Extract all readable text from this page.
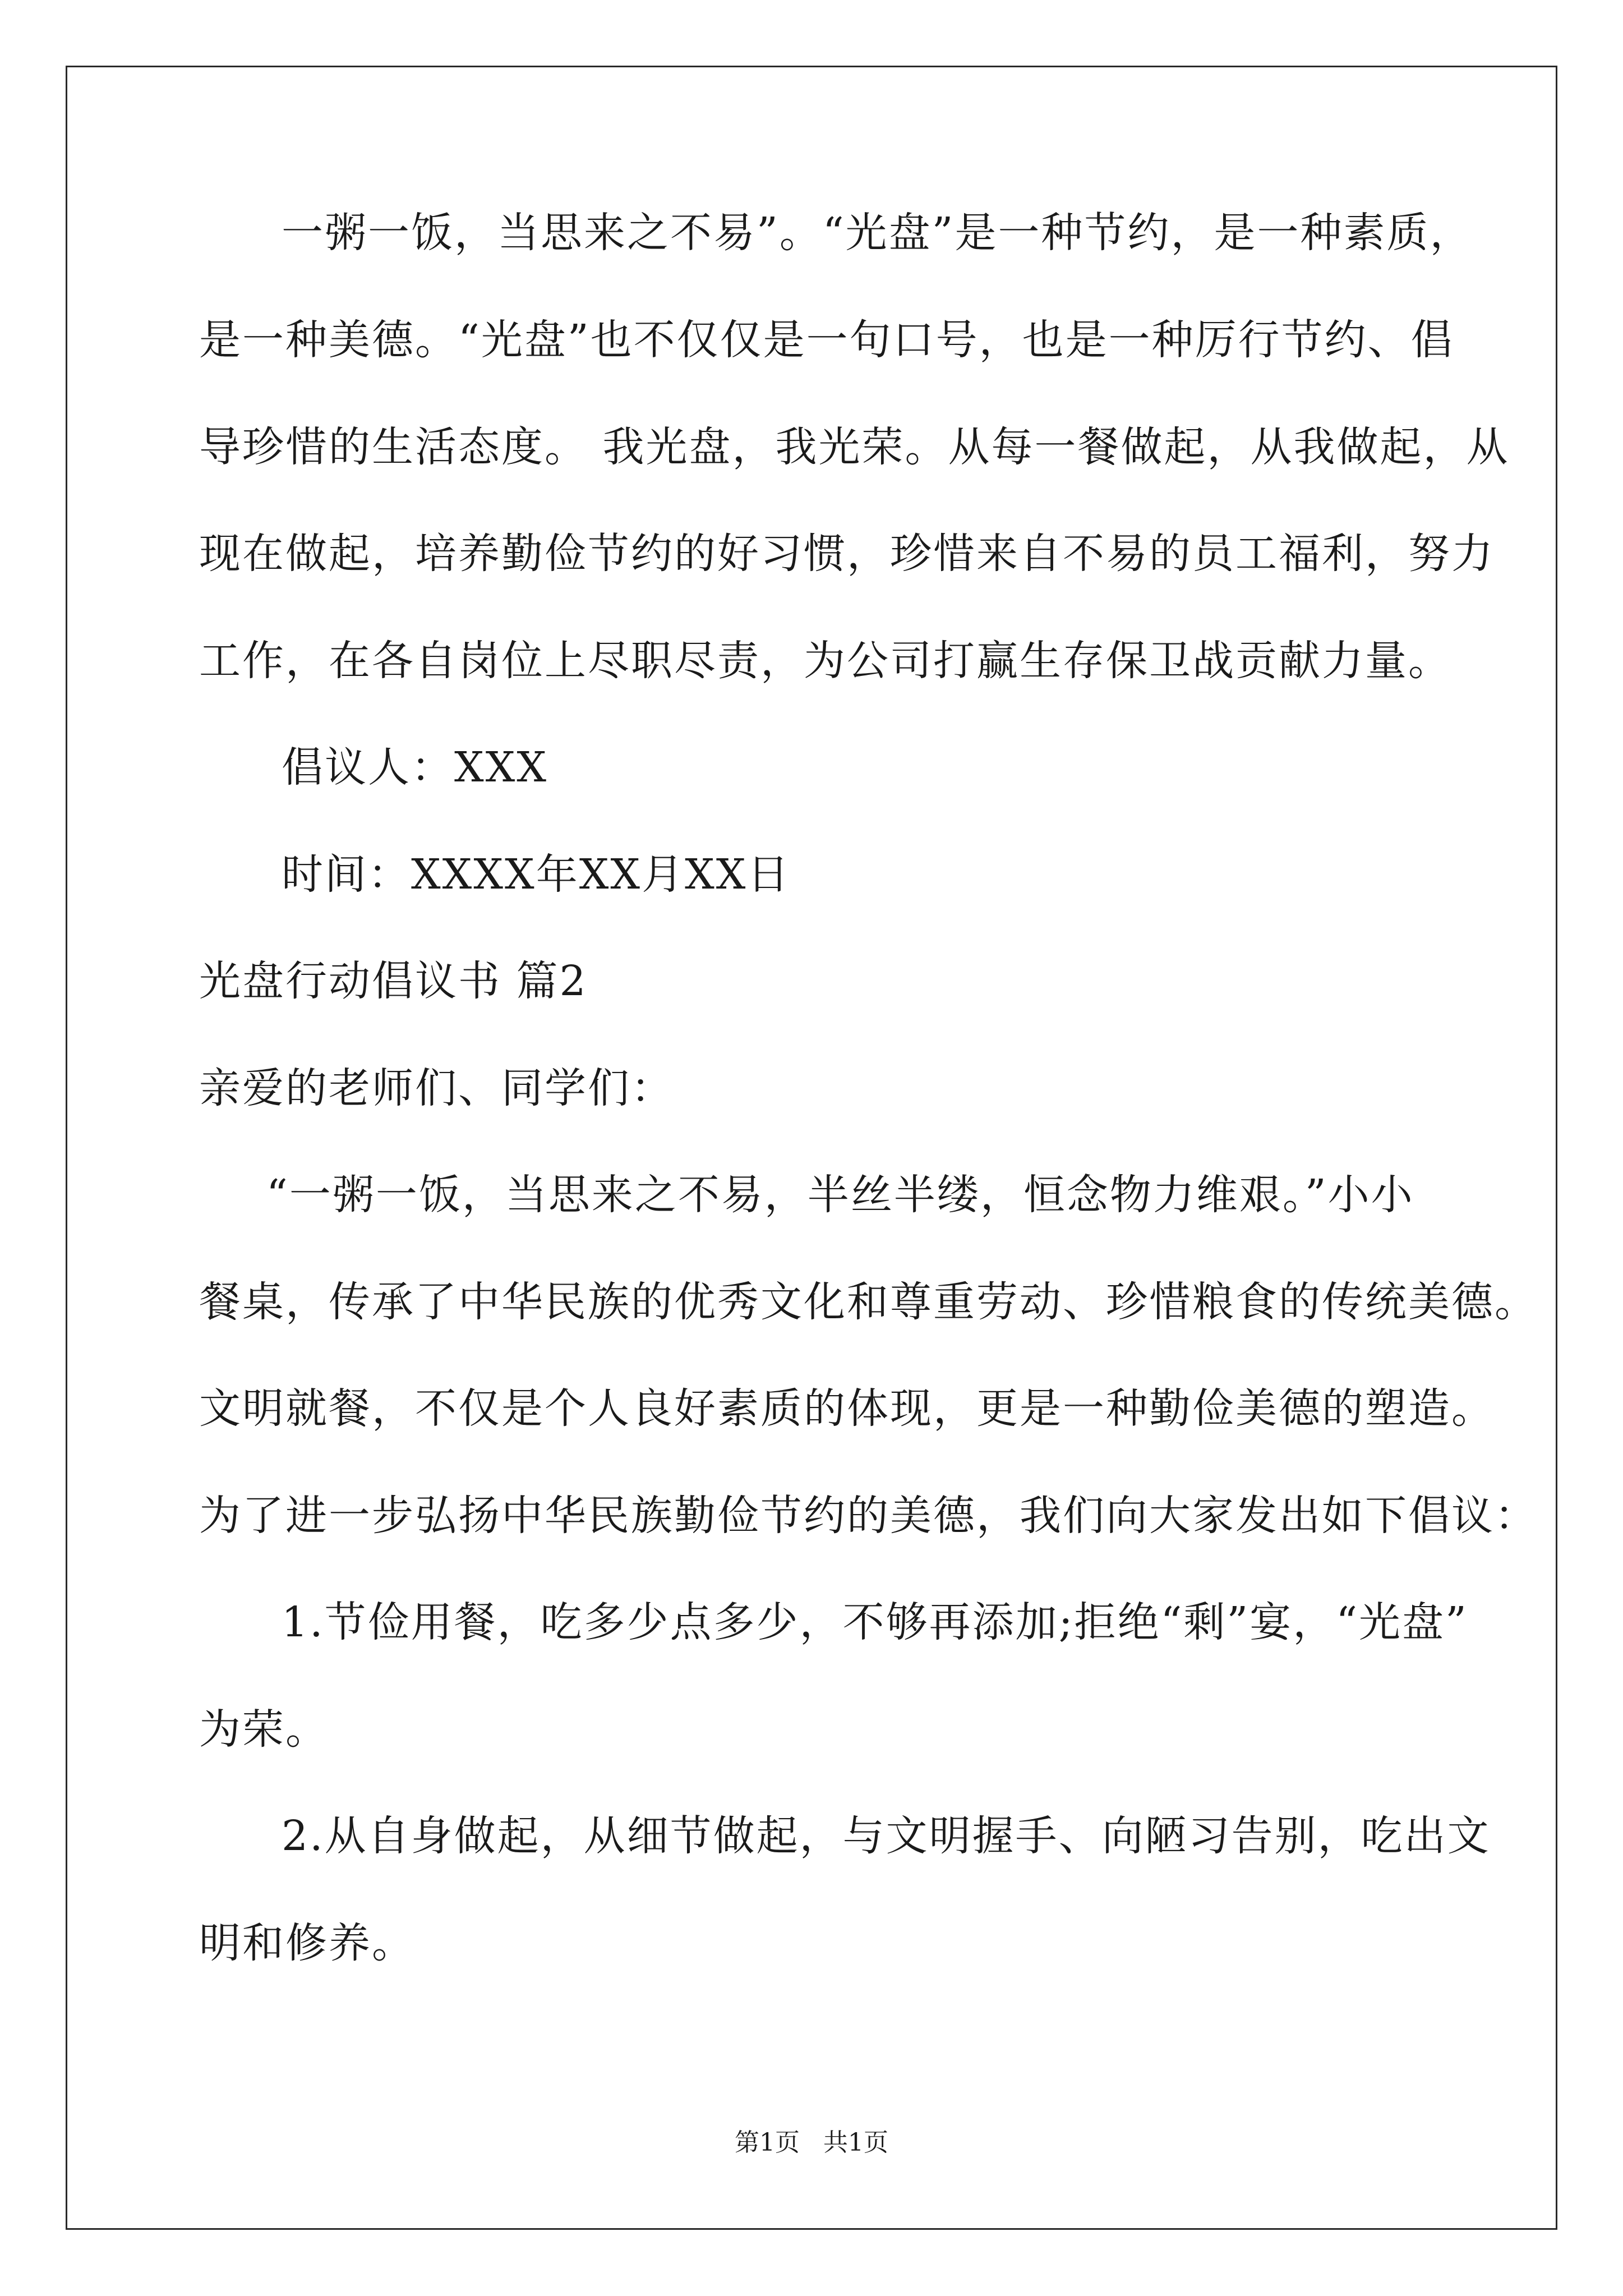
一粥一饭，当思来之不易”。“光盘”是一种节约，是一种素质，
是一种美德。“光盘”也不仅仅是一句口号，也是一种厉行节约、倡
导珍惜的生活态度。 我光盘，我光荣。从每一餐做起，从我做起，从
现在做起，培养勤俭节约的好习惯，珍惜来自不易的员工福利，努力
工作，在各自岗位上尽职尽责，为公司打赢生存保卫战贡献力量。
倡议人：XXX
时间：XXXX年XX月XX日
光盘行动倡议书 篇2
亲爱的老师们、同学们：
“一粥一饭，当思来之不易，半丝半缕，恒念物力维艰。”小小
餐桌，传承了中华民族的优秀文化和尊重劳动、珍惜粮食的传统美德。
文明就餐，不仅是个人良好素质的体现，更是一种勤俭美德的塑造。
为了进一步弘扬中华民族勤俭节约的美德，我们向大家发出如下倡议：
1.节俭用餐，吃多少点多少，不够再添加;拒绝“剩”宴，“光盘”
为荣。
2.从自身做起，从细节做起，与文明握手、向陋习告别，吃出文
明和修养。
第1页   共1页
